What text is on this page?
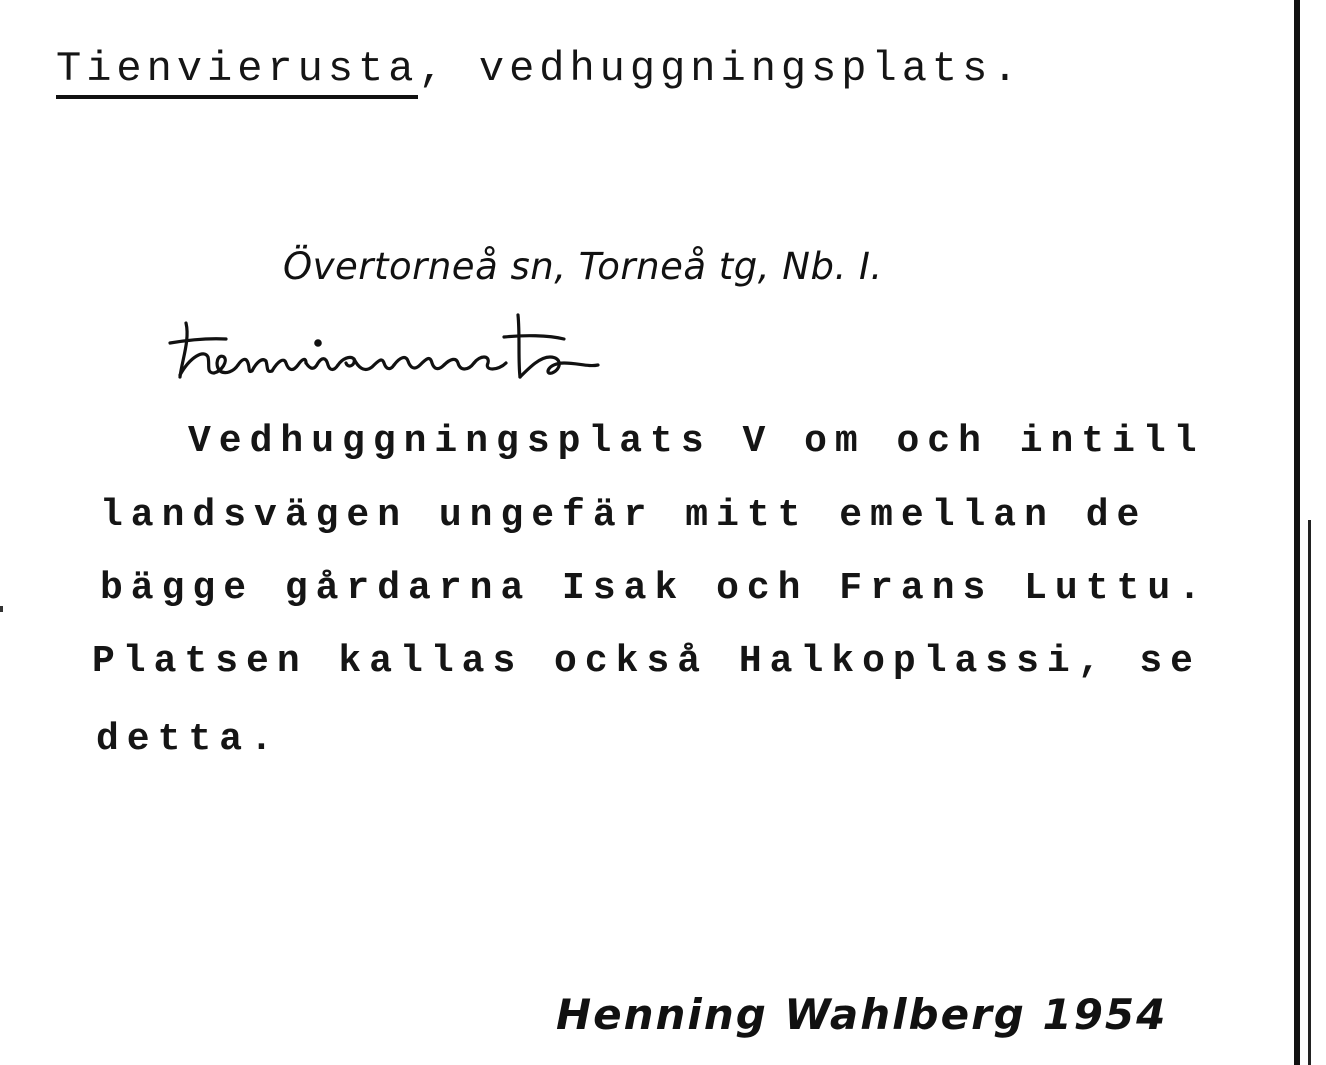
Tienvierusta, vedhuggningsplats.
Övertorneå sn, Torneå tg, Nb. I.
Vedhuggningsplats V om och intill
landsvägen ungefär mitt emellan de
bägge gårdarna Isak och Frans Luttu.
Platsen kallas också Halkoplassi, se
detta.
Henning Wahlberg 1954
